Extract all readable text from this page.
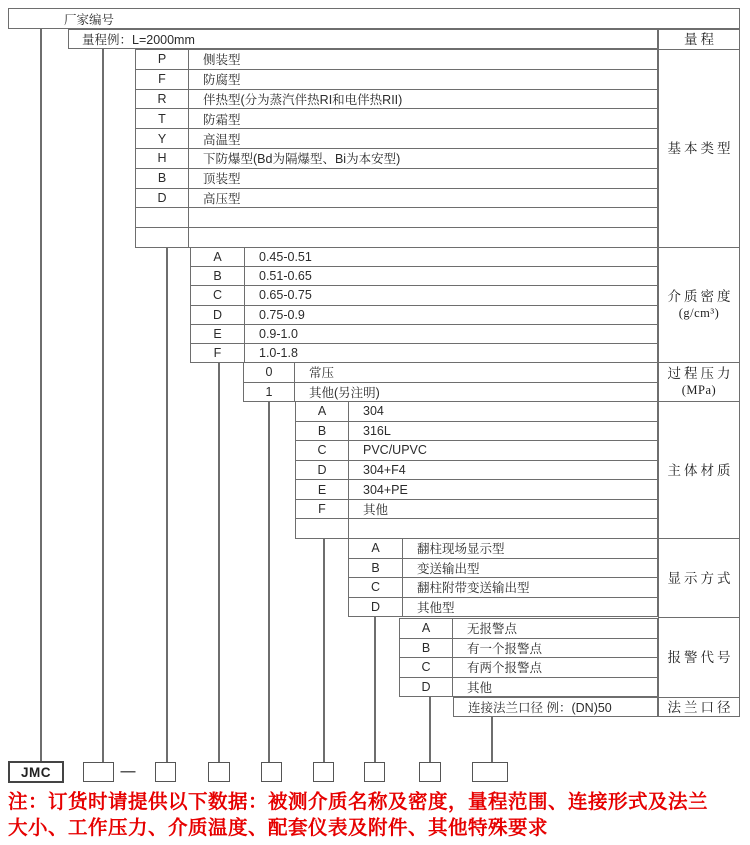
厂家编号
量程例：L=2000mm
P	侧装型
F	防腐型
R	伴热型(分为蒸汽伴热RI和电伴热RII)
T	防霜型
Y	高温型
H	下防爆型(Bd为隔爆型、Bi为本安型)
B	顶装型
D	高压型
A	0.45-0.51
B	0.51-0.65
C	0.65-0.75
D	0.75-0.9
E	0.9-1.0
F	1.0-1.8
0	常压
1	其他(另注明)
A	304
B	316L
C	PVC/UPVC
D	304+F4
E	304+PE
F	其他
A	翻柱现场显示型
B	变送输出型
C	翻柱附带变送输出型
D	其他型
A	无报警点
B	有一个报警点
C	有两个报警点
D	其他
连接法兰口径 例：(DN)50
量程
基本类型
介质密度
(g/cm³)
过程压力
(MPa)
主体材质
显示方式
报警代号
法兰口径
JMC	—
注：订货时请提供以下数据：被测介质名称及密度，量程范围、连接形式及法兰
大小、工作压力、介质温度、配套仪表及附件、其他特殊要求
